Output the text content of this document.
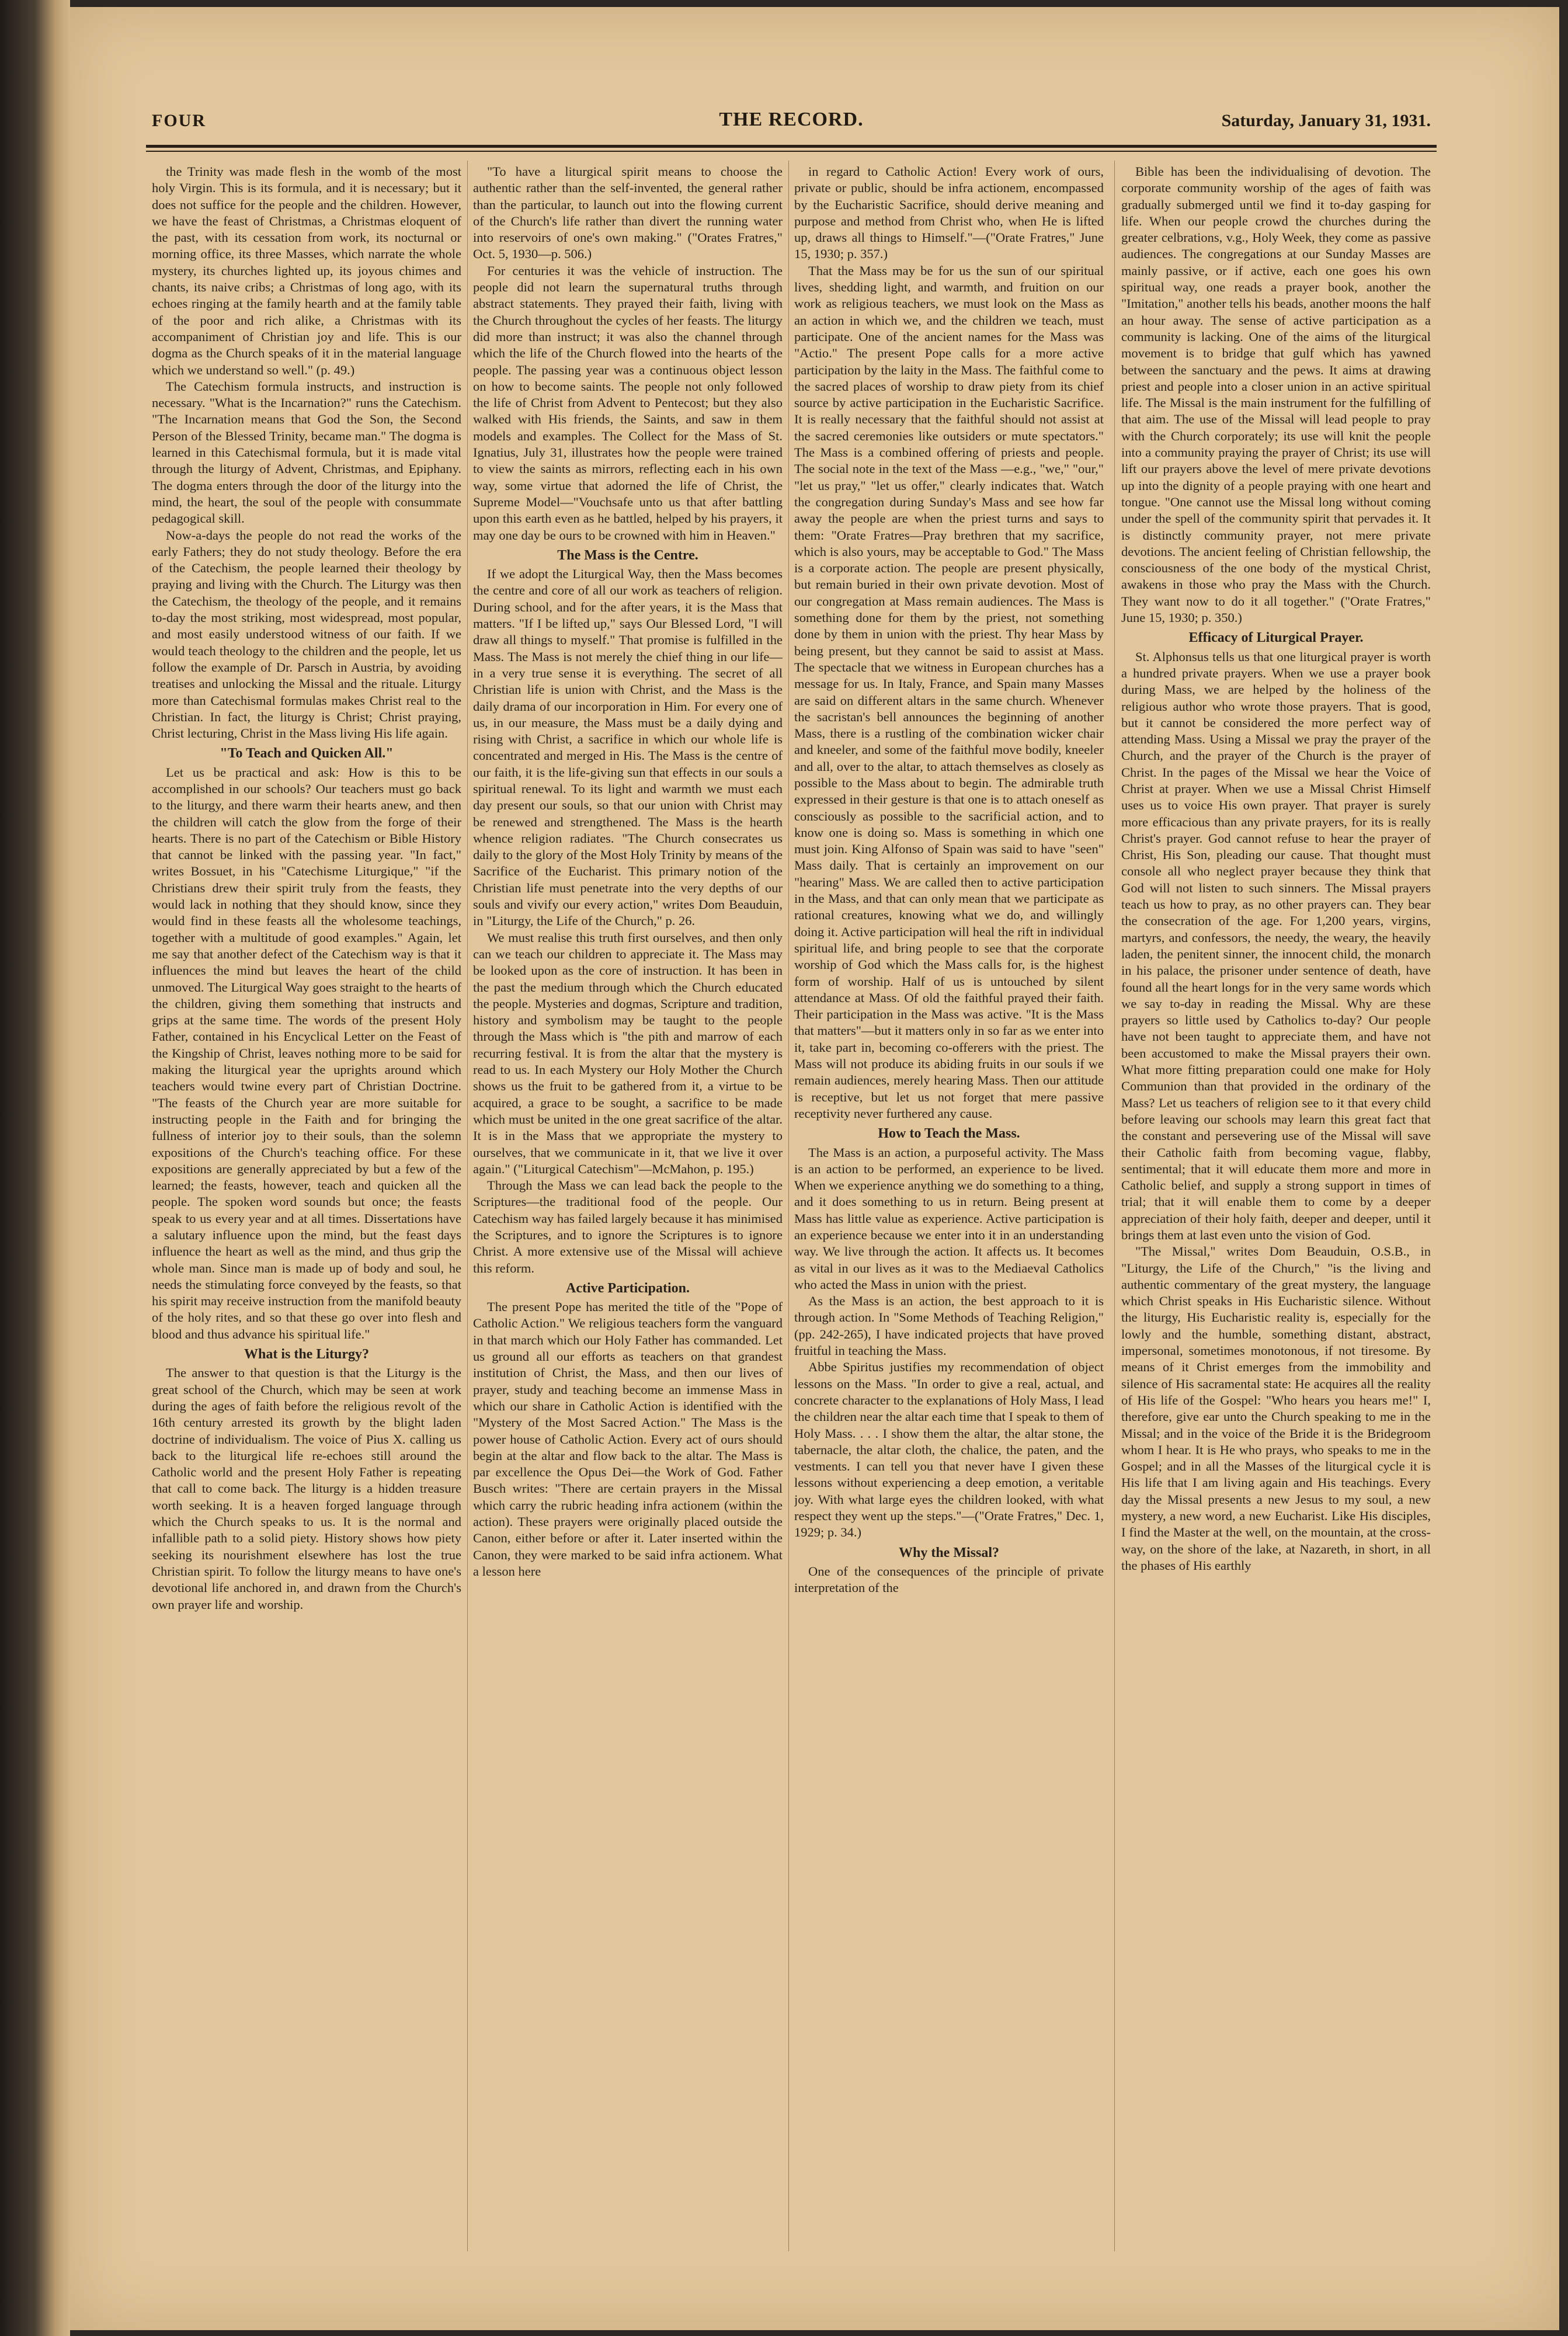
FOUR	THE RECORD.	Saturday, January 31, 1931.

the Trinity was made flesh in the womb of the most holy Virgin. This is its formula, and it is necessary; but it does not suffice for the people and the children. However, we have the feast of Christmas, a Christmas eloquent of the past, with its cessation from work, its nocturnal or morning office, its three Masses, which narrate the whole mystery, its churches lighted up, its joyous chimes and chants, its naive cribs; a Christmas of long ago, with its echoes ringing at the family hearth and at the family table of the poor and rich alike, a Christmas with its accompaniment of Christian joy and life. This is our dogma as the Church speaks of it in the material language which we understand so well." (p. 49.)

The Catechism formula instructs, and instruction is necessary. "What is the Incarnation?" runs the Catechism. "The Incarnation means that God the Son, the Second Person of the Blessed Trinity, became man." The dogma is learned in this Catechismal formula, but it is made vital through the liturgy of Advent, Christmas, and Epiphany. The dogma enters through the door of the liturgy into the mind, the heart, the soul of the people with consummate pedagogical skill.

Now-a-days the people do not read the works of the early Fathers; they do not study theology. Before the era of the Catechism, the people learned their theology by praying and living with the Church. The Liturgy was then the Catechism, the theology of the people, and it remains to-day the most striking, most widespread, most popular, and most easily understood witness of our faith. If we would teach theology to the children and the people, let us follow the example of Dr. Parsch in Austria, by avoiding treatises and unlocking the Missal and the rituale. Liturgy more than Catechismal formulas makes Christ real to the Christian. In fact, the liturgy is Christ; Christ praying, Christ lecturing, Christ in the Mass living His life again.

"To Teach and Quicken All."

Let us be practical and ask: How is this to be accomplished in our schools? Our teachers must go back to the liturgy, and there warm their hearts anew, and then the children will catch the glow from the forge of their hearts. There is no part of the Catechism or Bible History that cannot be linked with the passing year. "In fact," writes Bossuet, in his "Catechisme Liturgique," "if the Christians drew their spirit truly from the feasts, they would lack in nothing that they should know, since they would find in these feasts all the wholesome teachings, together with a multitude of good examples." Again, let me say that another defect of the Catechism way is that it influences the mind but leaves the heart of the child unmoved. The Liturgical Way goes straight to the hearts of the children, giving them something that instructs and grips at the same time. The words of the present Holy Father, contained in his Encyclical Letter on the Feast of the Kingship of Christ, leaves nothing more to be said for making the liturgical year the uprights around which teachers would twine every part of Christian Doctrine. "The feasts of the Church year are more suitable for instructing people in the Faith and for bringing the fullness of interior joy to their souls, than the solemn expositions of the Church's teaching office. For these expositions are generally appreciated by but a few of the learned; the feasts, however, teach and quicken all the people. The spoken word sounds but once; the feasts speak to us every year and at all times. Dissertations have a salutary influence upon the mind, but the feast days influence the heart as well as the mind, and thus grip the whole man. Since man is made up of body and soul, he needs the stimulating force conveyed by the feasts, so that his spirit may receive instruction from the manifold beauty of the holy rites, and so that these go over into flesh and blood and thus advance his spiritual life."

What is the Liturgy?

The answer to that question is that the Liturgy is the great school of the Church, which may be seen at work during the ages of faith before the religious revolt of the 16th century arrested its growth by the blight laden doctrine of individualism. The voice of Pius X. calling us back to the liturgical life re-echoes still around the Catholic world and the present Holy Father is repeating that call to come back. The liturgy is a hidden treasure worth seeking. It is a heaven forged language through which the Church speaks to us. It is the normal and infallible path to a solid piety. History shows how piety seeking its nourishment elsewhere has lost the true Christian spirit. To follow the liturgy means to have one's devotional life anchored in, and drawn from the Church's own prayer life and worship.

"To have a liturgical spirit means to choose the authentic rather than the self-invented, the general rather than the particular, to launch out into the flowing current of the Church's life rather than divert the running water into reservoirs of one's own making." ("Orates Fratres," Oct. 5, 1930—p. 506.)

For centuries it was the vehicle of instruction. The people did not learn the supernatural truths through abstract statements. They prayed their faith, living with the Church throughout the cycles of her feasts. The liturgy did more than instruct; it was also the channel through which the life of the Church flowed into the hearts of the people. The passing year was a continuous object lesson on how to become saints. The people not only followed the life of Christ from Advent to Pentecost; but they also walked with His friends, the Saints, and saw in them models and examples. The Collect for the Mass of St. Ignatius, July 31, illustrates how the people were trained to view the saints as mirrors, reflecting each in his own way, some virtue that adorned the life of Christ, the Supreme Model—"Vouchsafe unto us that after battling upon this earth even as he battled, helped by his prayers, it may one day be ours to be crowned with him in Heaven."

The Mass is the Centre.

If we adopt the Liturgical Way, then the Mass becomes the centre and core of all our work as teachers of religion. During school, and for the after years, it is the Mass that matters. "If I be lifted up," says Our Blessed Lord, "I will draw all things to myself." That promise is fulfilled in the Mass. The Mass is not merely the chief thing in our life—in a very true sense it is everything. The secret of all Christian life is union with Christ, and the Mass is the daily drama of our incorporation in Him. For every one of us, in our measure, the Mass must be a daily dying and rising with Christ, a sacrifice in which our whole life is concentrated and merged in His. The Mass is the centre of our faith, it is the life-giving sun that effects in our souls a spiritual renewal. To its light and warmth we must each day present our souls, so that our union with Christ may be renewed and strengthened. The Mass is the hearth whence religion radiates. "The Church consecrates us daily to the glory of the Most Holy Trinity by means of the Sacrifice of the Eucharist. This primary notion of the Christian life must penetrate into the very depths of our souls and vivify our every action," writes Dom Beauduin, in "Liturgy, the Life of the Church," p. 26.

We must realise this truth first ourselves, and then only can we teach our children to appreciate it. The Mass may be looked upon as the core of instruction. It has been in the past the medium through which the Church educated the people. Mysteries and dogmas, Scripture and tradition, history and symbolism may be taught to the people through the Mass which is "the pith and marrow of each recurring festival. It is from the altar that the mystery is read to us. In each Mystery our Holy Mother the Church shows us the fruit to be gathered from it, a virtue to be acquired, a grace to be sought, a sacrifice to be made which must be united in the one great sacrifice of the altar. It is in the Mass that we appropriate the mystery to ourselves, that we communicate in it, that we live it over again." ("Liturgical Catechism"—McMahon, p. 195.)

Through the Mass we can lead back the people to the Scriptures—the traditional food of the people. Our Catechism way has failed largely because it has minimised the Scriptures, and to ignore the Scriptures is to ignore Christ. A more extensive use of the Missal will achieve this reform.

Active Participation.

The present Pope has merited the title of the "Pope of Catholic Action." We religious teachers form the vanguard in that march which our Holy Father has commanded. Let us ground all our efforts as teachers on that grandest institution of Christ, the Mass, and then our lives of prayer, study and teaching become an immense Mass in which our share in Catholic Action is identified with the "Mystery of the Most Sacred Action." The Mass is the power house of Catholic Action. Every act of ours should begin at the altar and flow back to the altar. The Mass is par excellence the Opus Dei—the Work of God. Father Busch writes: "There are certain prayers in the Missal which carry the rubric heading infra actionem (within the action). These prayers were originally placed outside the Canon, either before or after it. Later inserted within the Canon, they were marked to be said infra actionem. What a lesson here

in regard to Catholic Action! Every work of ours, private or public, should be infra actionem, encompassed by the Eucharistic Sacrifice, should derive meaning and purpose and method from Christ who, when He is lifted up, draws all things to Himself."—("Orate Fratres," June 15, 1930; p. 357.)

That the Mass may be for us the sun of our spiritual lives, shedding light, and warmth, and fruition on our work as religious teachers, we must look on the Mass as an action in which we, and the children we teach, must participate. One of the ancient names for the Mass was "Actio." The present Pope calls for a more active participation by the laity in the Mass. The faithful come to the sacred places of worship to draw piety from its chief source by active participation in the Eucharistic Sacrifice. It is really necessary that the faithful should not assist at the sacred ceremonies like outsiders or mute spectators." The Mass is a combined offering of priests and people. The social note in the text of the Mass —e.g., "we," "our," "let us pray," "let us offer," clearly indicates that. Watch the congregation during Sunday's Mass and see how far away the people are when the priest turns and says to them: "Orate Fratres—Pray brethren that my sacrifice, which is also yours, may be acceptable to God." The Mass is a corporate action. The people are present physically, but remain buried in their own private devotion. Most of our congregation at Mass remain audiences. The Mass is something done for them by the priest, not something done by them in union with the priest. Thy hear Mass by being present, but they cannot be said to assist at Mass. The spectacle that we witness in European churches has a message for us. In Italy, France, and Spain many Masses are said on different altars in the same church. Whenever the sacristan's bell announces the beginning of another Mass, there is a rustling of the combination wicker chair and kneeler, and some of the faithful move bodily, kneeler and all, over to the altar, to attach themselves as closely as possible to the Mass about to begin. The admirable truth expressed in their gesture is that one is to attach oneself as consciously as possible to the sacrificial action, and to know one is doing so. Mass is something in which one must join. King Alfonso of Spain was said to have "seen" Mass daily. That is certainly an improvement on our "hearing" Mass. We are called then to active participation in the Mass, and that can only mean that we participate as rational creatures, knowing what we do, and willingly doing it. Active participation will heal the rift in individual spiritual life, and bring people to see that the corporate worship of God which the Mass calls for, is the highest form of worship. Half of us is untouched by silent attendance at Mass. Of old the faithful prayed their faith. Their participation in the Mass was active. "It is the Mass that matters"—but it matters only in so far as we enter into it, take part in, becoming co-offerers with the priest. The Mass will not produce its abiding fruits in our souls if we remain audiences, merely hearing Mass. Then our attitude is receptive, but let us not forget that mere passive receptivity never furthered any cause.

How to Teach the Mass.

The Mass is an action, a purposeful activity. The Mass is an action to be performed, an experience to be lived. When we experience anything we do something to a thing, and it does something to us in return. Being present at Mass has little value as experience. Active participation is an experience because we enter into it in an understanding way. We live through the action. It affects us. It becomes as vital in our lives as it was to the Mediaeval Catholics who acted the Mass in union with the priest.

As the Mass is an action, the best approach to it is through action. In "Some Methods of Teaching Religion," (pp. 242-265), I have indicated projects that have proved fruitful in teaching the Mass.

Abbe Spiritus justifies my recommendation of object lessons on the Mass. "In order to give a real, actual, and concrete character to the explanations of Holy Mass, I lead the children near the altar each time that I speak to them of Holy Mass. . . . I show them the altar, the altar stone, the tabernacle, the altar cloth, the chalice, the paten, and the vestments. I can tell you that never have I given these lessons without experiencing a deep emotion, a veritable joy. With what large eyes the children looked, with what respect they went up the steps."—("Orate Fratres," Dec. 1, 1929; p. 34.)

Why the Missal?

One of the consequences of the principle of private interpretation of the

Bible has been the individualising of devotion. The corporate community worship of the ages of faith was gradually submerged until we find it to-day gasping for life. When our people crowd the churches during the greater celbrations, v.g., Holy Week, they come as passive audiences. The congregations at our Sunday Masses are mainly passive, or if active, each one goes his own spiritual way, one reads a prayer book, another the "Imitation," another tells his beads, another moons the half an hour away. The sense of active participation as a community is lacking. One of the aims of the liturgical movement is to bridge that gulf which has yawned between the sanctuary and the pews. It aims at drawing priest and people into a closer union in an active spiritual life. The Missal is the main instrument for the fulfilling of that aim. The use of the Missal will lead people to pray with the Church corporately; its use will knit the people into a community praying the prayer of Christ; its use will lift our prayers above the level of mere private devotions up into the dignity of a people praying with one heart and tongue. "One cannot use the Missal long without coming under the spell of the community spirit that pervades it. It is distinctly community prayer, not mere private devotions. The ancient feeling of Christian fellowship, the consciousness of the one body of the mystical Christ, awakens in those who pray the Mass with the Church. They want now to do it all together." ("Orate Fratres," June 15, 1930; p. 350.)

Efficacy of Liturgical Prayer.

St. Alphonsus tells us that one liturgical prayer is worth a hundred private prayers. When we use a prayer book during Mass, we are helped by the holiness of the religious author who wrote those prayers. That is good, but it cannot be considered the more perfect way of attending Mass. Using a Missal we pray the prayer of the Church, and the prayer of the Church is the prayer of Christ. In the pages of the Missal we hear the Voice of Christ at prayer. When we use a Missal Christ Himself uses us to voice His own prayer. That prayer is surely more efficacious than any private prayers, for its is really Christ's prayer. God cannot refuse to hear the prayer of Christ, His Son, pleading our cause. That thought must console all who neglect prayer because they think that God will not listen to such sinners. The Missal prayers teach us how to pray, as no other prayers can. They bear the consecration of the age. For 1,200 years, virgins, martyrs, and confessors, the needy, the weary, the heavily laden, the penitent sinner, the innocent child, the monarch in his palace, the prisoner under sentence of death, have found all the heart longs for in the very same words which we say to-day in reading the Missal. Why are these prayers so little used by Catholics to-day? Our people have not been taught to appreciate them, and have not been accustomed to make the Missal prayers their own. What more fitting preparation could one make for Holy Communion than that provided in the ordinary of the Mass? Let us teachers of religion see to it that every child before leaving our schools may learn this great fact that the constant and persevering use of the Missal will save their Catholic faith from becoming vague, flabby, sentimental; that it will educate them more and more in Catholic belief, and supply a strong support in times of trial; that it will enable them to come by a deeper appreciation of their holy faith, deeper and deeper, until it brings them at last even unto the vision of God.

"The Missal," writes Dom Beauduin, O.S.B., in "Liturgy, the Life of the Church," "is the living and authentic commentary of the great mystery, the language which Christ speaks in His Eucharistic silence. Without the liturgy, His Eucharistic reality is, especially for the lowly and the humble, something distant, abstract, impersonal, sometimes monotonous, if not tiresome. By means of it Christ emerges from the immobility and silence of His sacramental state: He acquires all the reality of His life of the Gospel: "Who hears you hears me!" I, therefore, give ear unto the Church speaking to me in the Missal; and in the voice of the Bride it is the Bridegroom whom I hear. It is He who prays, who speaks to me in the Gospel; and in all the Masses of the liturgical cycle it is His life that I am living again and His teachings. Every day the Missal presents a new Jesus to my soul, a new mystery, a new word, a new Eucharist. Like His disciples, I find the Master at the well, on the mountain, at the cross-way, on the shore of the lake, at Nazareth, in short, in all the phases of His earthly
